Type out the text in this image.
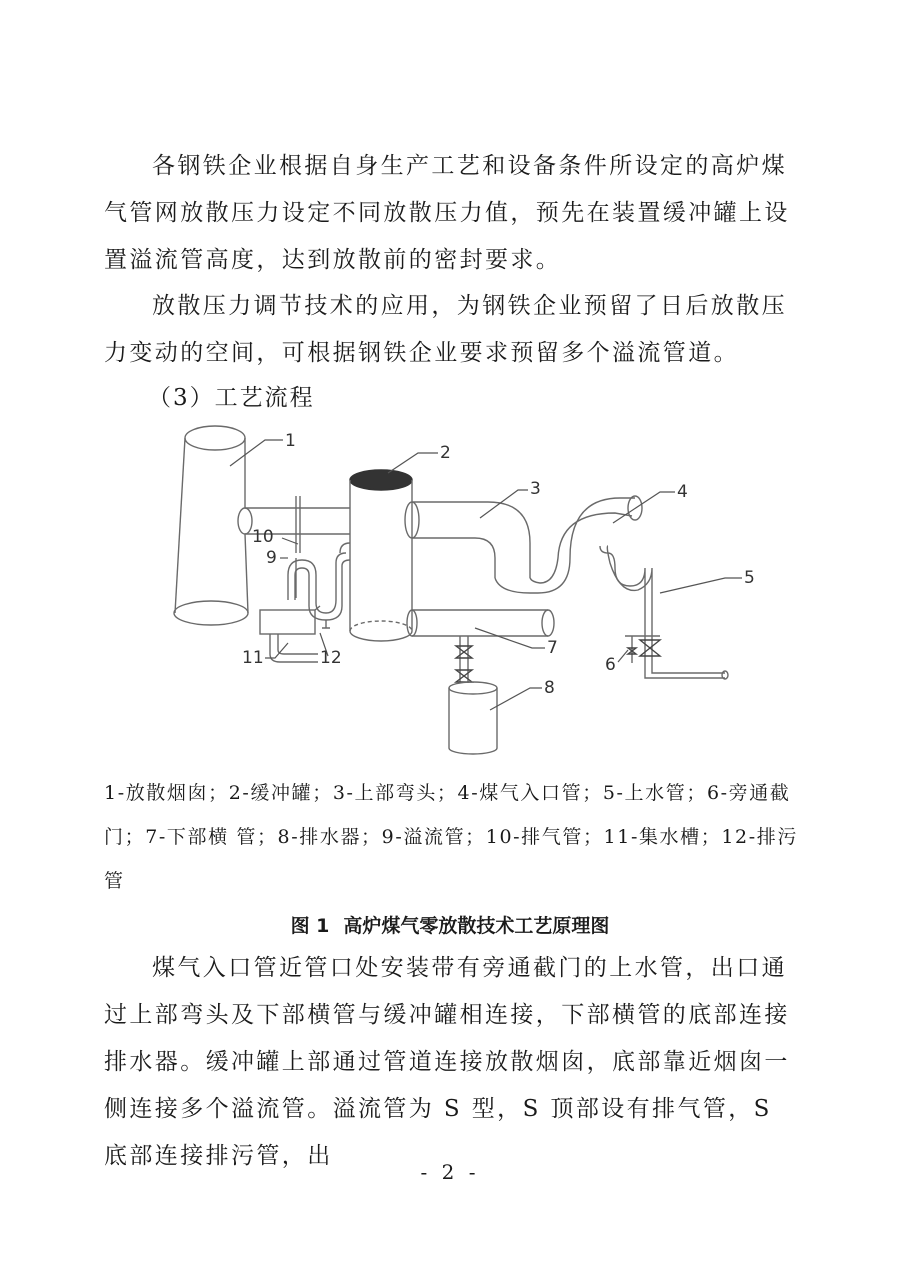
各钢铁企业根据自身生产工艺和设备条件所设定的高炉煤气管网放散压力设定不同放散压力值，预先在装置缓冲罐上设置溢流管高度，达到放散前的密封要求。

放散压力调节技术的应用，为钢铁企业预留了日后放散压力变动的空间，可根据钢铁企业要求预留多个溢流管道。

（3）工艺流程

1
2
3	4
5
6
7
8
9
10
11	12

1-放散烟囱；2-缓冲罐；3-上部弯头；4-煤气入口管；5-上水管；6-旁通截门；7-下部横 管；8-排水器；9-溢流管；10-排气管；11-集水槽；12-排污管

图 1 高炉煤气零放散技术工艺原理图

煤气入口管近管口处安装带有旁通截门的上水管，出口通过上部弯头及下部横管与缓冲罐相连接，下部横管的底部连接排水器。缓冲罐上部通过管道连接放散烟囱，底部靠近烟囱一侧连接多个溢流管。溢流管为 S 型，S 顶部设有排气管，S 底部连接排污管，出

- 2 -
